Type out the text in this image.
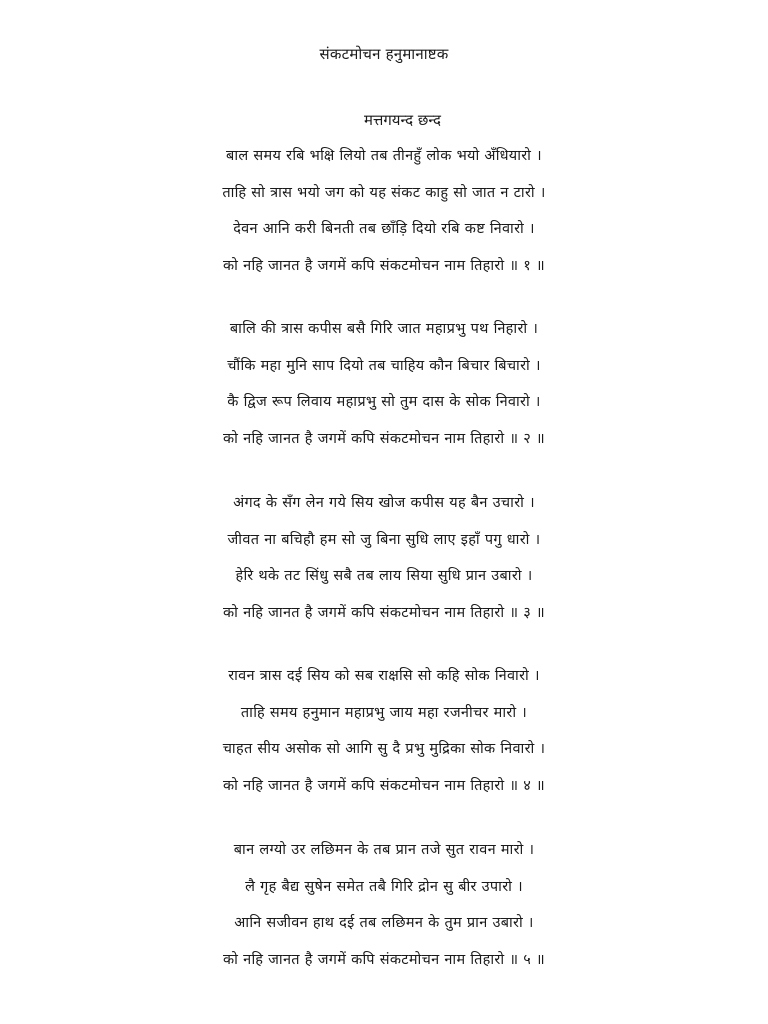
संकटमोचन हनुमानाष्टक
मत्तगयन्द छन्द
बाल समय रबि भक्षि लियो तब तीनहुँ लोक भयो अँधियारो ।
ताहि सो त्रास भयो जग को यह संकट काहु सो जात न टारो ।
देवन आनि करी बिनती तब छाँड़ि दियो रबि कष्ट निवारो ।
को नहि जानत है जगमें कपि संकटमोचन नाम तिहारो ॥ १ ॥
बालि की त्रास कपीस बसै गिरि जात महाप्रभु पथ निहारो ।
चौंकि महा मुनि साप दियो तब चाहिय कौन बिचार बिचारो ।
कै द्विज रूप लिवाय महाप्रभु सो तुम दास के सोक निवारो ।
को नहि जानत है जगमें कपि संकटमोचन नाम तिहारो ॥ २ ॥
अंगद के सँग लेन गये सिय खोज कपीस यह बैन उचारो ।
जीवत ना बचिहौ हम सो जु बिना सुधि लाए इहाँ पगु धारो ।
हेरि थके तट सिंधु सबै तब लाय सिया सुधि प्रान उबारो ।
को नहि जानत है जगमें कपि संकटमोचन नाम तिहारो ॥ ३ ॥
रावन त्रास दई सिय को सब राक्षसि सो कहि सोक निवारो ।
ताहि समय हनुमान महाप्रभु जाय महा रजनीचर मारो ।
चाहत सीय असोक सो आगि सु दै प्रभु मुद्रिका सोक निवारो ।
को नहि जानत है जगमें कपि संकटमोचन नाम तिहारो ॥ ४ ॥
बान लग्यो उर लछिमन के तब प्रान तजे सुत रावन मारो ।
लै गृह बैद्य सुषेन समेत तबै गिरि द्रोन सु बीर उपारो ।
आनि सजीवन हाथ दई तब लछिमन के तुम प्रान उबारो ।
को नहि जानत है जगमें कपि संकटमोचन नाम तिहारो ॥ ५ ॥
